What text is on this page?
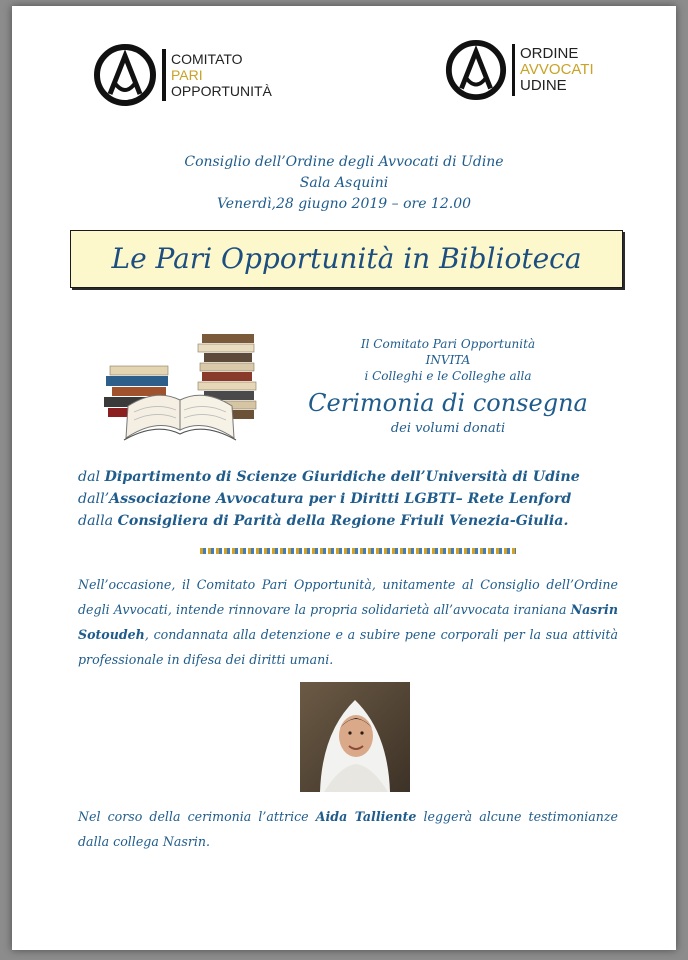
COMITATO
PARI
OPPORTUNITÀ
ORDINE
AVVOCATI
UDINE
Consiglio dell’Ordine degli Avvocati di Udine
Sala Asquini
Venerdì,28 giugno 2019 – ore 12.00
Le Pari Opportunità in Biblioteca
Il Comitato Pari Opportunità
INVITA
i Colleghi e le Colleghe alla
Cerimonia di consegna
dei volumi donati
dal Dipartimento di Scienze Giuridiche dell’Università di Udine
dall’Associazione Avvocatura per i Diritti LGBTI– Rete Lenford
dalla Consigliera di Parità della Regione Friuli Venezia-Giulia.
Nell’occasione, il Comitato Pari Opportunità, unitamente al Consiglio dell’Ordine degli Avvocati, intende rinnovare la propria solidarietà all’avvocata iraniana Nasrin Sotoudeh, condannata alla detenzione e a subire pene corporali per la sua attività professionale in difesa dei diritti umani.
Nel corso della cerimonia l’attrice Aida Talliente leggerà alcune testimonianze dalla collega Nasrin.
